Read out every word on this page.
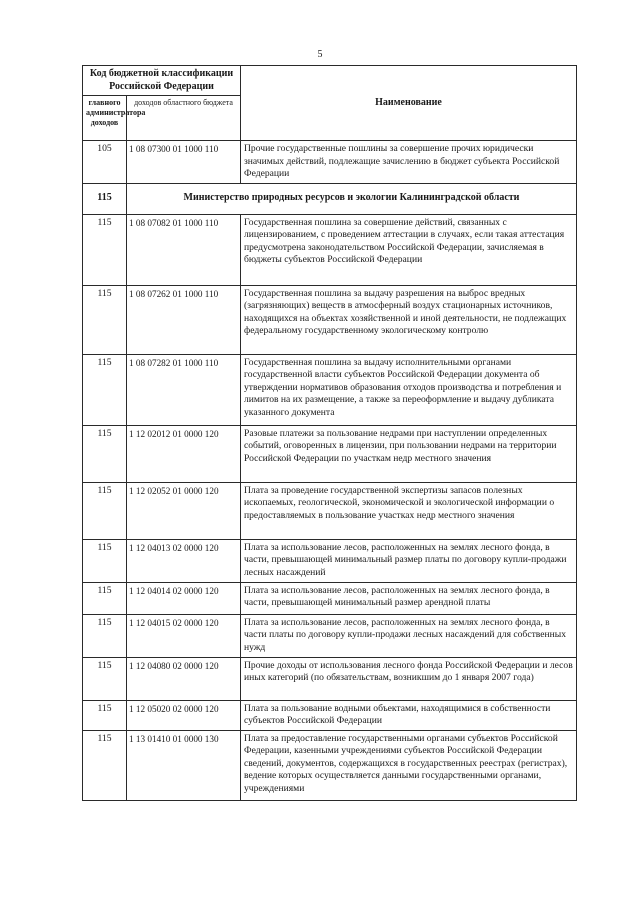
5
Код бюджетной классификации Российской Федерации		Наименование
главного администратора доходов	доходов областного бюджета	
105	1 08 07300 01 1000 110	Прочие государственные пошлины за совершение прочих юридически значимых действий, подлежащие зачислению в бюджет субъекта Российской Федерации
115	Министерство природных ресурсов и экологии Калининградской области	
115	1 08 07082 01 1000 110	Государственная пошлина за совершение действий, связанных с лицензированием, с проведением аттестации в случаях, если такая аттестация предусмотрена законодательством Российской Федерации, зачисляемая в бюджеты субъектов Российской Федерации
115	1 08 07262 01 1000 110	Государственная пошлина за выдачу разрешения на выброс вредных (загрязняющих) веществ в атмосферный воздух стационарных источников, находящихся на объектах хозяйственной и иной деятельности, не подлежащих федеральному государственному экологическому контролю
115	1 08 07282 01 1000 110	Государственная пошлина за выдачу исполнительными органами государственной власти субъектов Российской Федерации документа об утверждении нормативов образования отходов производства и потребления и лимитов на их размещение, а также за переоформление и выдачу дубликата указанного документа
115	1 12 02012 01 0000 120	Разовые платежи за пользование недрами при наступлении определенных событий, оговоренных в лицензии, при пользовании недрами на территории Российской Федерации по участкам недр местного значения
115	1 12 02052 01 0000 120	Плата за проведение государственной экспертизы запасов полезных ископаемых, геологической, экономической и экологической информации о предоставляемых в пользование участках недр местного значения
115	1 12 04013 02 0000 120	Плата за использование лесов, расположенных на землях лесного фонда, в части, превышающей минимальный размер платы по договору купли-продажи лесных насаждений
115	1 12 04014 02 0000 120	Плата за использование лесов, расположенных на землях лесного фонда, в части, превышающей минимальный размер арендной платы
115	1 12 04015 02 0000 120	Плата за использование лесов, расположенных на землях лесного фонда, в части платы по договору купли-продажи лесных насаждений для собственных нужд
115	1 12 04080 02 0000 120	Прочие доходы от использования лесного фонда Российской Федерации и лесов иных категорий (по обязательствам, возникшим до 1 января 2007 года)
115	1 12 05020 02 0000 120	Плата за пользование водными объектами, находящимися в собственности субъектов Российской Федерации
115	1 13 01410 01 0000 130	Плата за предоставление государственными органами субъектов Российской Федерации, казенными учреждениями субъектов Российской Федерации сведений, документов, содержащихся в государственных реестрах (регистрах), ведение которых осуществляется данными государственными органами, учреждениями
